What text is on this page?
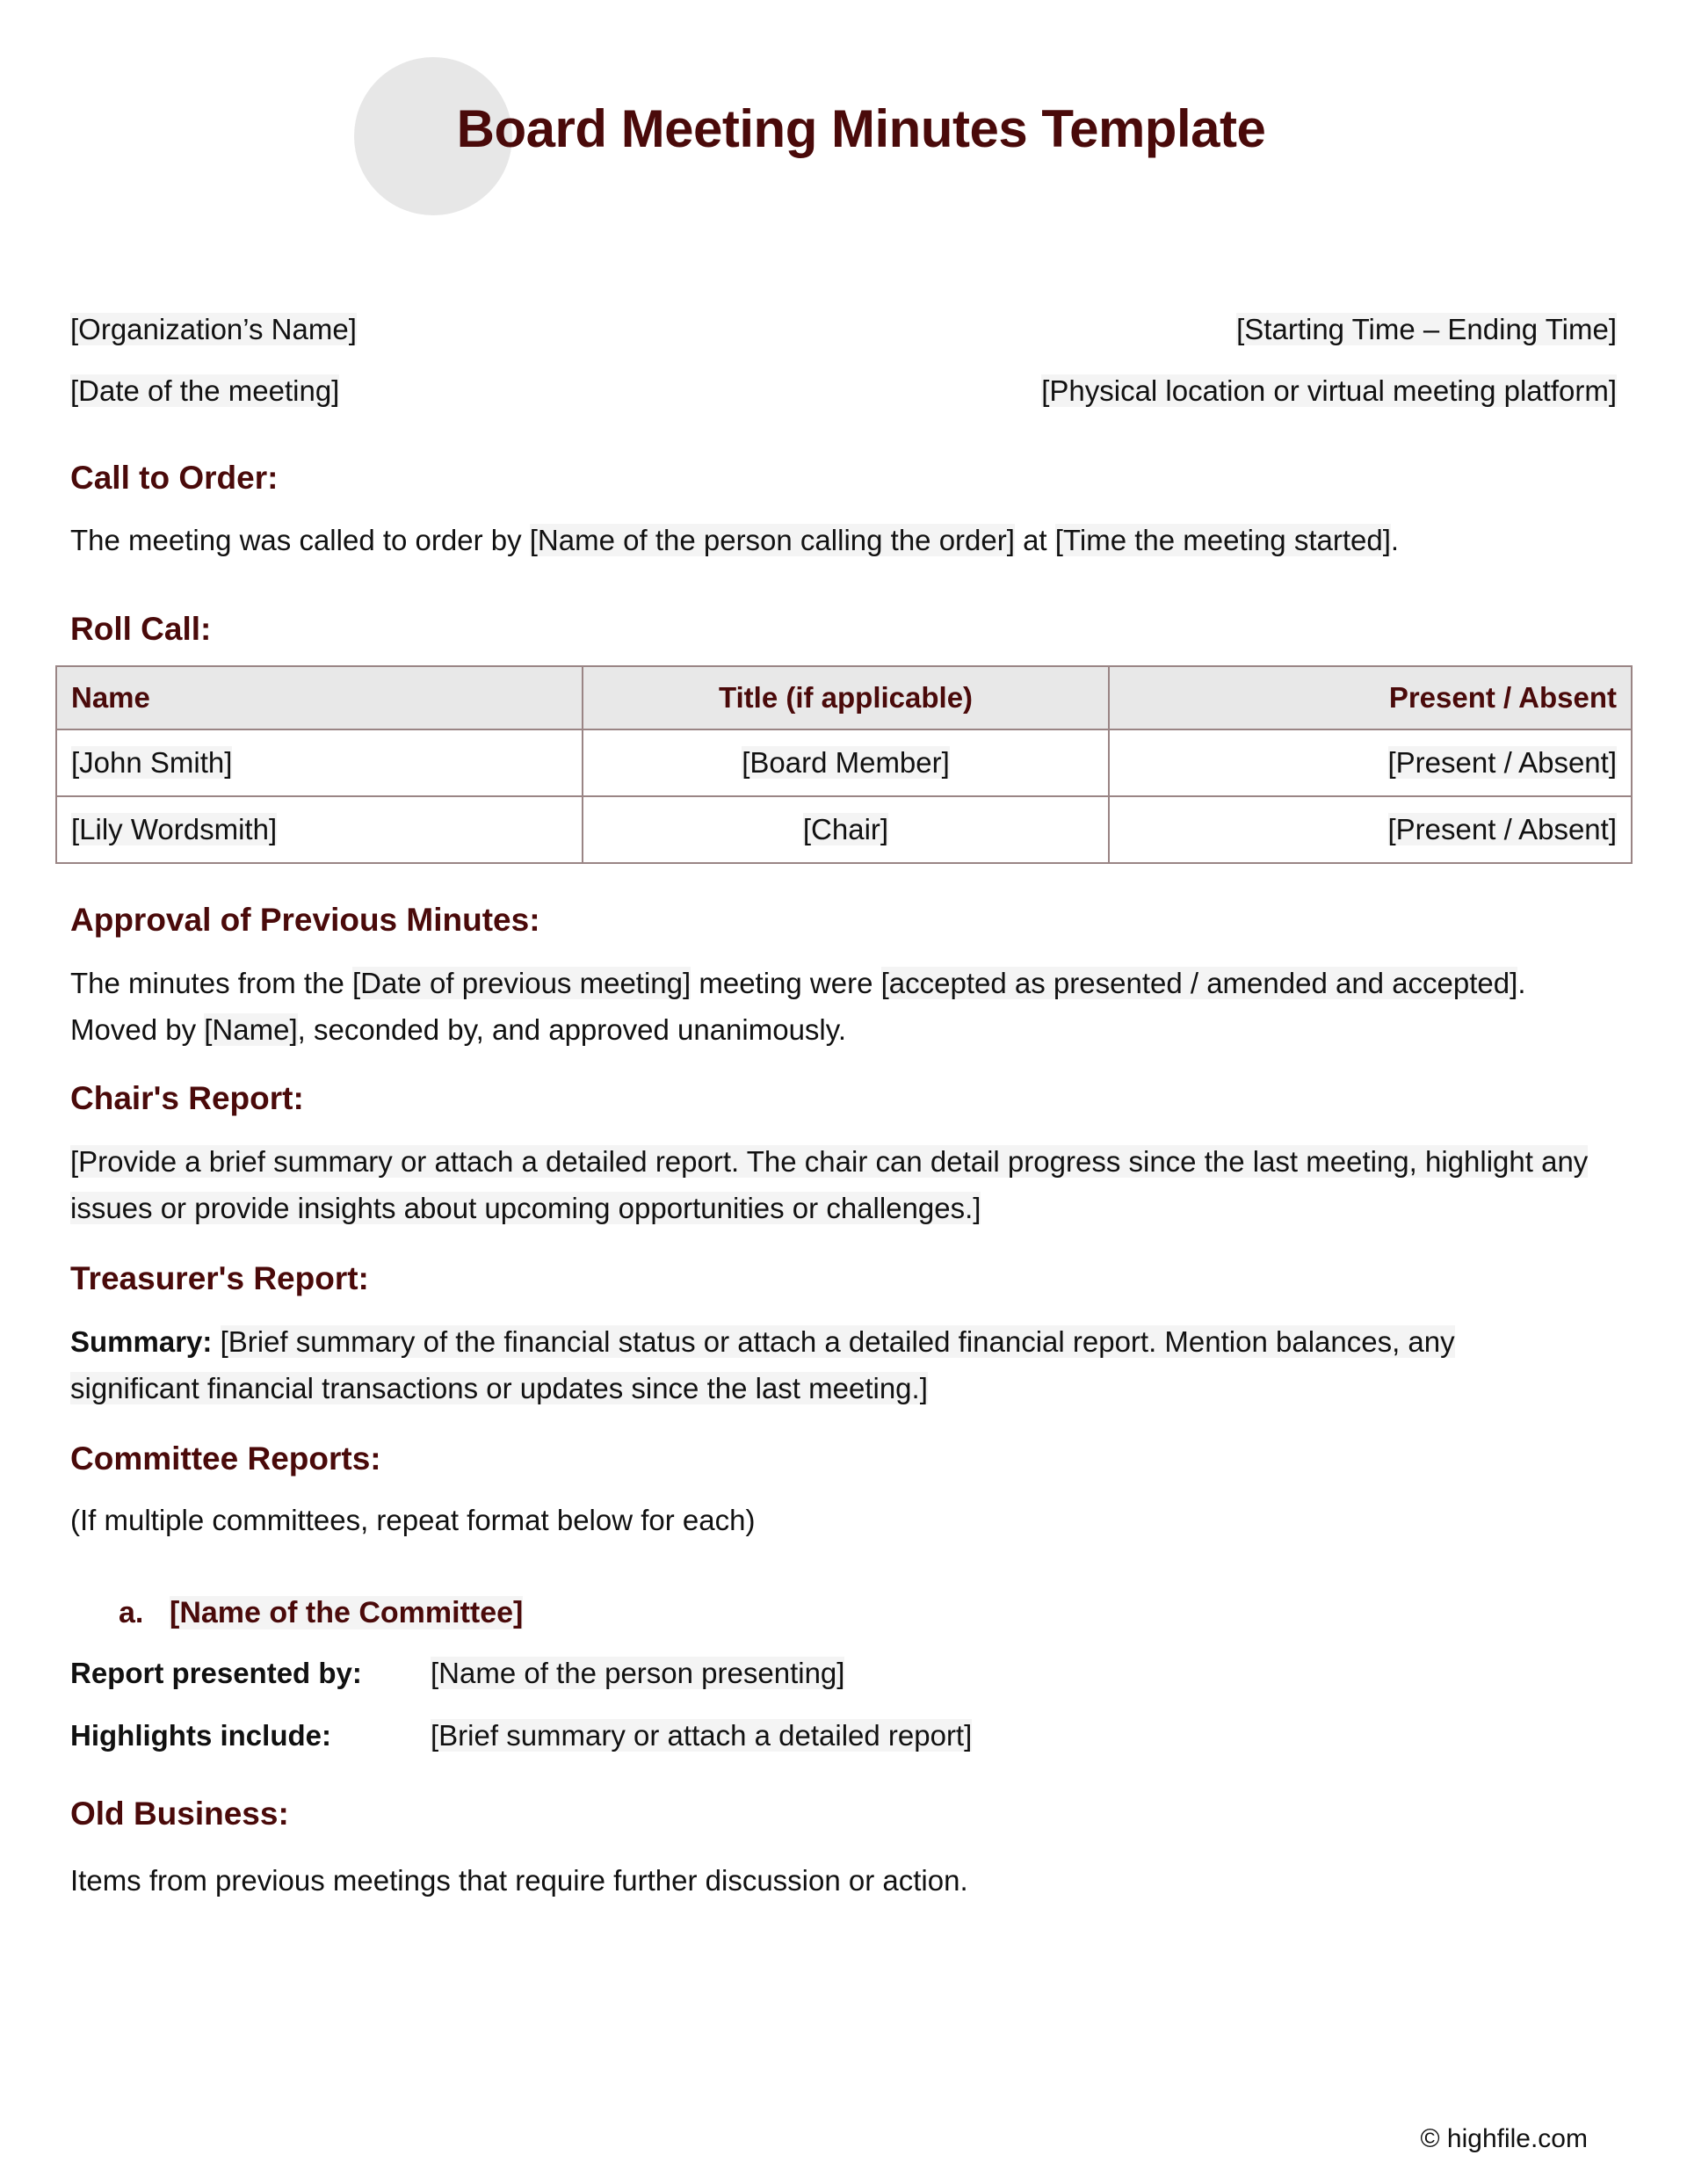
Board Meeting Minutes Template
[Organization’s Name]
[Date of the meeting]
[Starting Time – Ending Time]
[Physical location or virtual meeting platform]
Call to Order:
The meeting was called to order by [Name of the person calling the order] at [Time the meeting started].
Roll Call:
Name	Title (if applicable)	Present / Absent
[John Smith]	[Board Member]	[Present / Absent]
[Lily Wordsmith]	[Chair]	[Present / Absent]
Approval of Previous Minutes:
The minutes from the [Date of previous meeting] meeting were [accepted as presented / amended and accepted].
Moved by [Name], seconded by, and approved unanimously.
Chair's Report:
[Provide a brief summary or attach a detailed report. The chair can detail progress since the last meeting, highlight any issues or provide insights about upcoming opportunities or challenges.]
Treasurer's Report:
Summary: [Brief summary of the financial status or attach a detailed financial report. Mention balances, any significant financial transactions or updates since the last meeting.]
Committee Reports:
(If multiple committees, repeat format below for each)
a. [Name of the Committee]
Report presented by: [Name of the person presenting]
Highlights include:	[Brief summary or attach a detailed report]
Old Business:
Items from previous meetings that require further discussion or action.
© highfile.com
